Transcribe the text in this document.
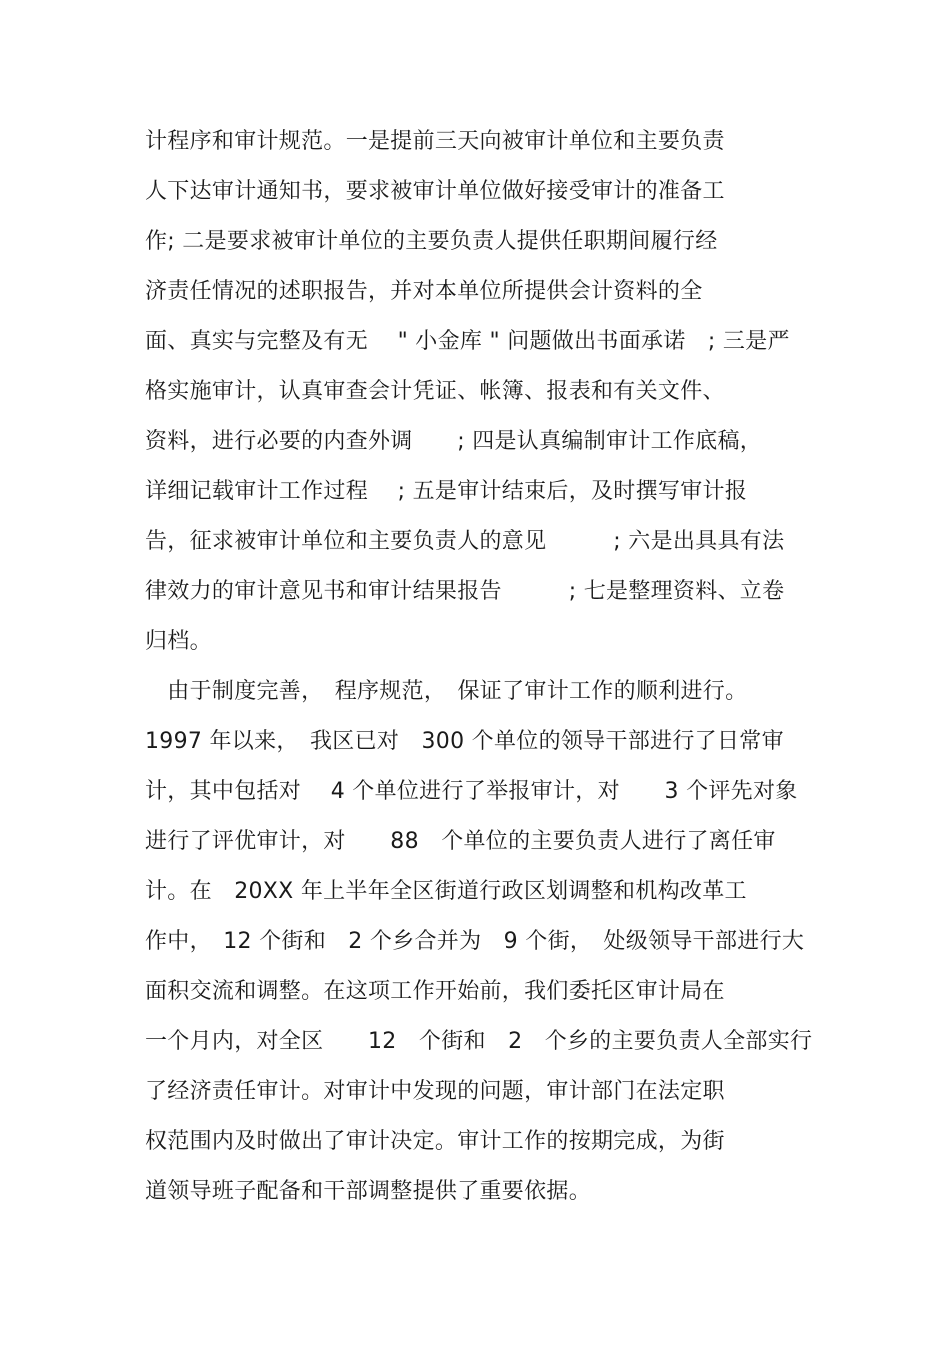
计程序和审计规范。一是提前三天向被审计单位和主要负责
人下达审计通知书，要求被审计单位做好接受审计的准备工
作; 二是要求被审计单位的主要负责人提供任职期间履行经
济责任情况的述职报告，并对本单位所提供会计资料的全
面、真实与完整及有无　 " 小金库 " 问题做出书面承诺　; 三是严
格实施审计，认真审查会计凭证、帐簿、报表和有关文件、
资料，进行必要的内查外调　　; 四是认真编制审计工作底稿，
详细记载审计工作过程　 ; 五是审计结束后，及时撰写审计报
告，征求被审计单位和主要负责人的意见　　　; 六是出具具有法
律效力的审计意见书和审计结果报告　　　; 七是整理资料、立卷
归档。
　由于制度完善，　程序规范，　保证了审计工作的顺利进行。
1997 年以来，　我区已对　300 个单位的领导干部进行了日常审
计，其中包括对　 4 个单位进行了举报审计，对　　3 个评先对象
进行了评优审计，对　　88　个单位的主要负责人进行了离任审
计。在　20XX 年上半年全区街道行政区划调整和机构改革工
作中，　12 个街和　2 个乡合并为　9 个街，　处级领导干部进行大
面积交流和调整。在这项工作开始前，我们委托区审计局在
一个月内，对全区　　12　个街和　2　个乡的主要负责人全部实行
了经济责任审计。对审计中发现的问题，审计部门在法定职
权范围内及时做出了审计决定。审计工作的按期完成，为街
道领导班子配备和干部调整提供了重要依据。
